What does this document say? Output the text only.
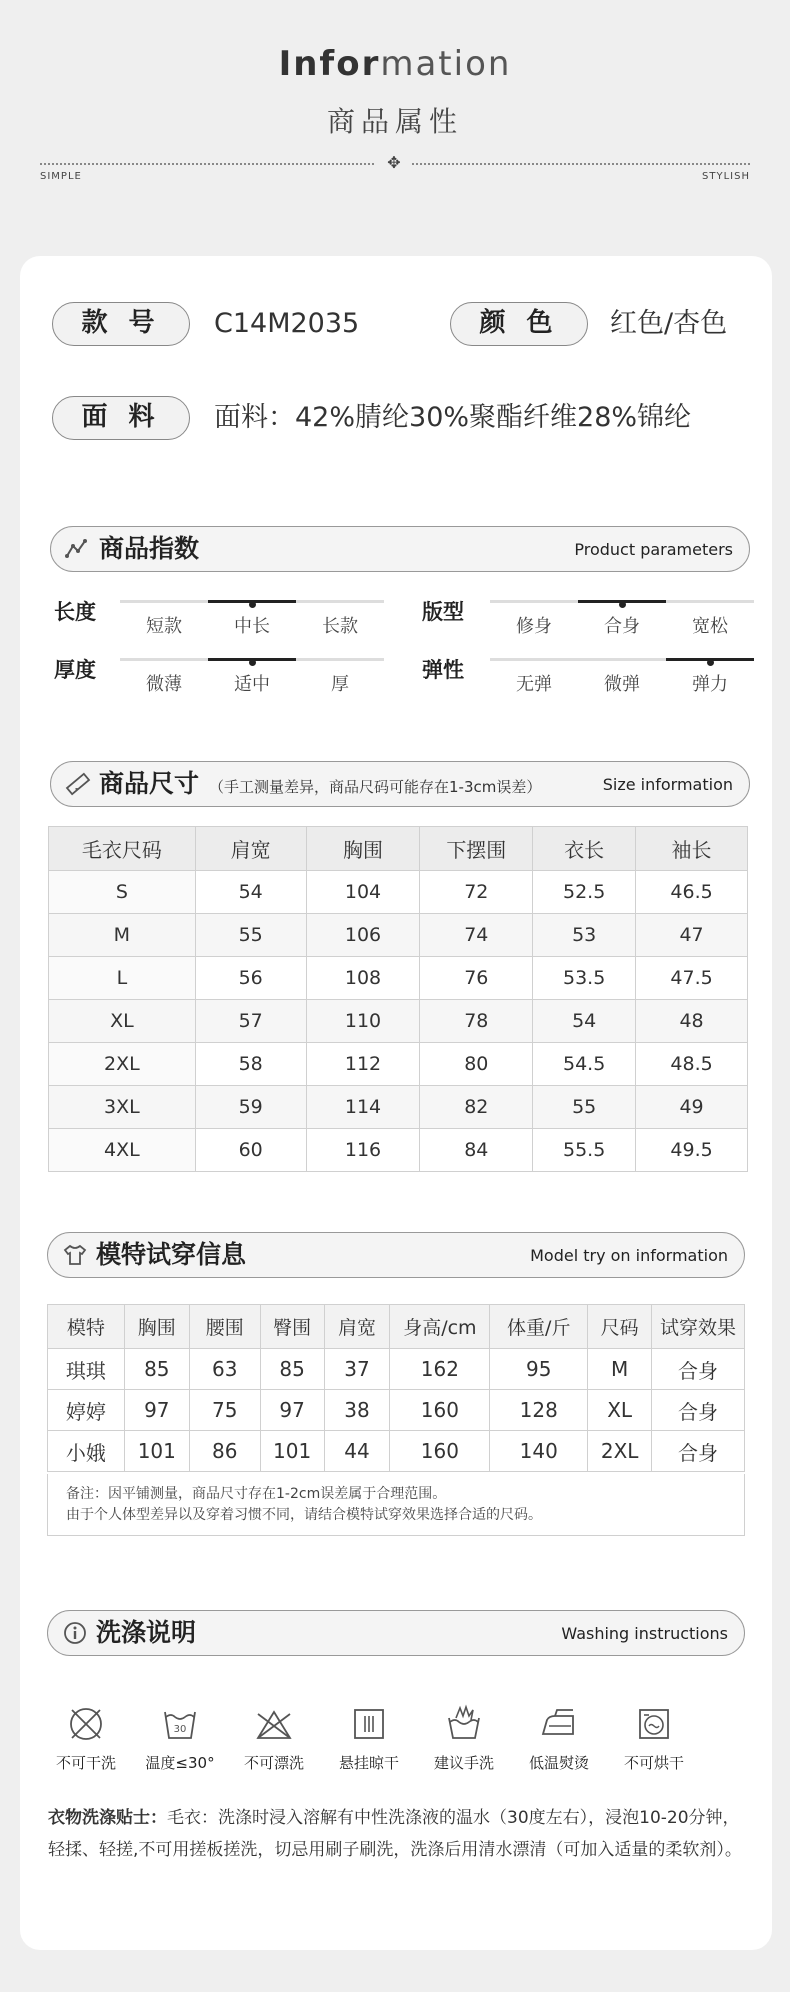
Information
商品属性
✥
SIMPLE	STYLISH
款 号	C14M2035	颜 色	红色/杏色
面 料	面料：42%腈纶30%聚酯纤维28%锦纶
商品指数	Product parameters
长度
短款	中长	长款
版型
修身	合身	宽松
厚度
微薄	适中	厚
弹性
无弹	微弹	弹力
商品尺寸 （手工测量差异，商品尺码可能存在1-3cm误差）	Size information
毛衣尺码	肩宽	胸围	下摆围	衣长	袖长
S	54	104	72	52.5	46.5
M	55	106	74	53	47
L	56	108	76	53.5	47.5
XL	57	110	78	54	48
2XL	58	112	80	54.5	48.5
3XL	59	114	82	55	49
4XL	60	116	84	55.5	49.5
模特试穿信息	Model try on information
模特	胸围	腰围	臀围	肩宽	身高/cm	体重/斤	尺码	试穿效果
琪琪	85	63	85	37	162	95	M	合身
婷婷	97	75	97	38	160	128	XL	合身
小娥	101	86	101	44	160	140	2XL	合身
备注：因平铺测量，商品尺寸存在1-2cm误差属于合理范围。
由于个人体型差异以及穿着习惯不同，请结合模特试穿效果选择合适的尺码。
洗涤说明	Washing instructions
不可干洗
30
温度≤30°	不可漂洗	悬挂晾干	建议手洗	低温熨烫	不可烘干
衣物洗涤贴士：毛衣：洗涤时浸入溶解有中性洗涤液的温水（30度左右），浸泡10-20分钟，轻揉、轻搓,不可用搓板搓洗，切忌用刷子刷洗，洗涤后用清水漂清（可加入适量的柔软剂）。
